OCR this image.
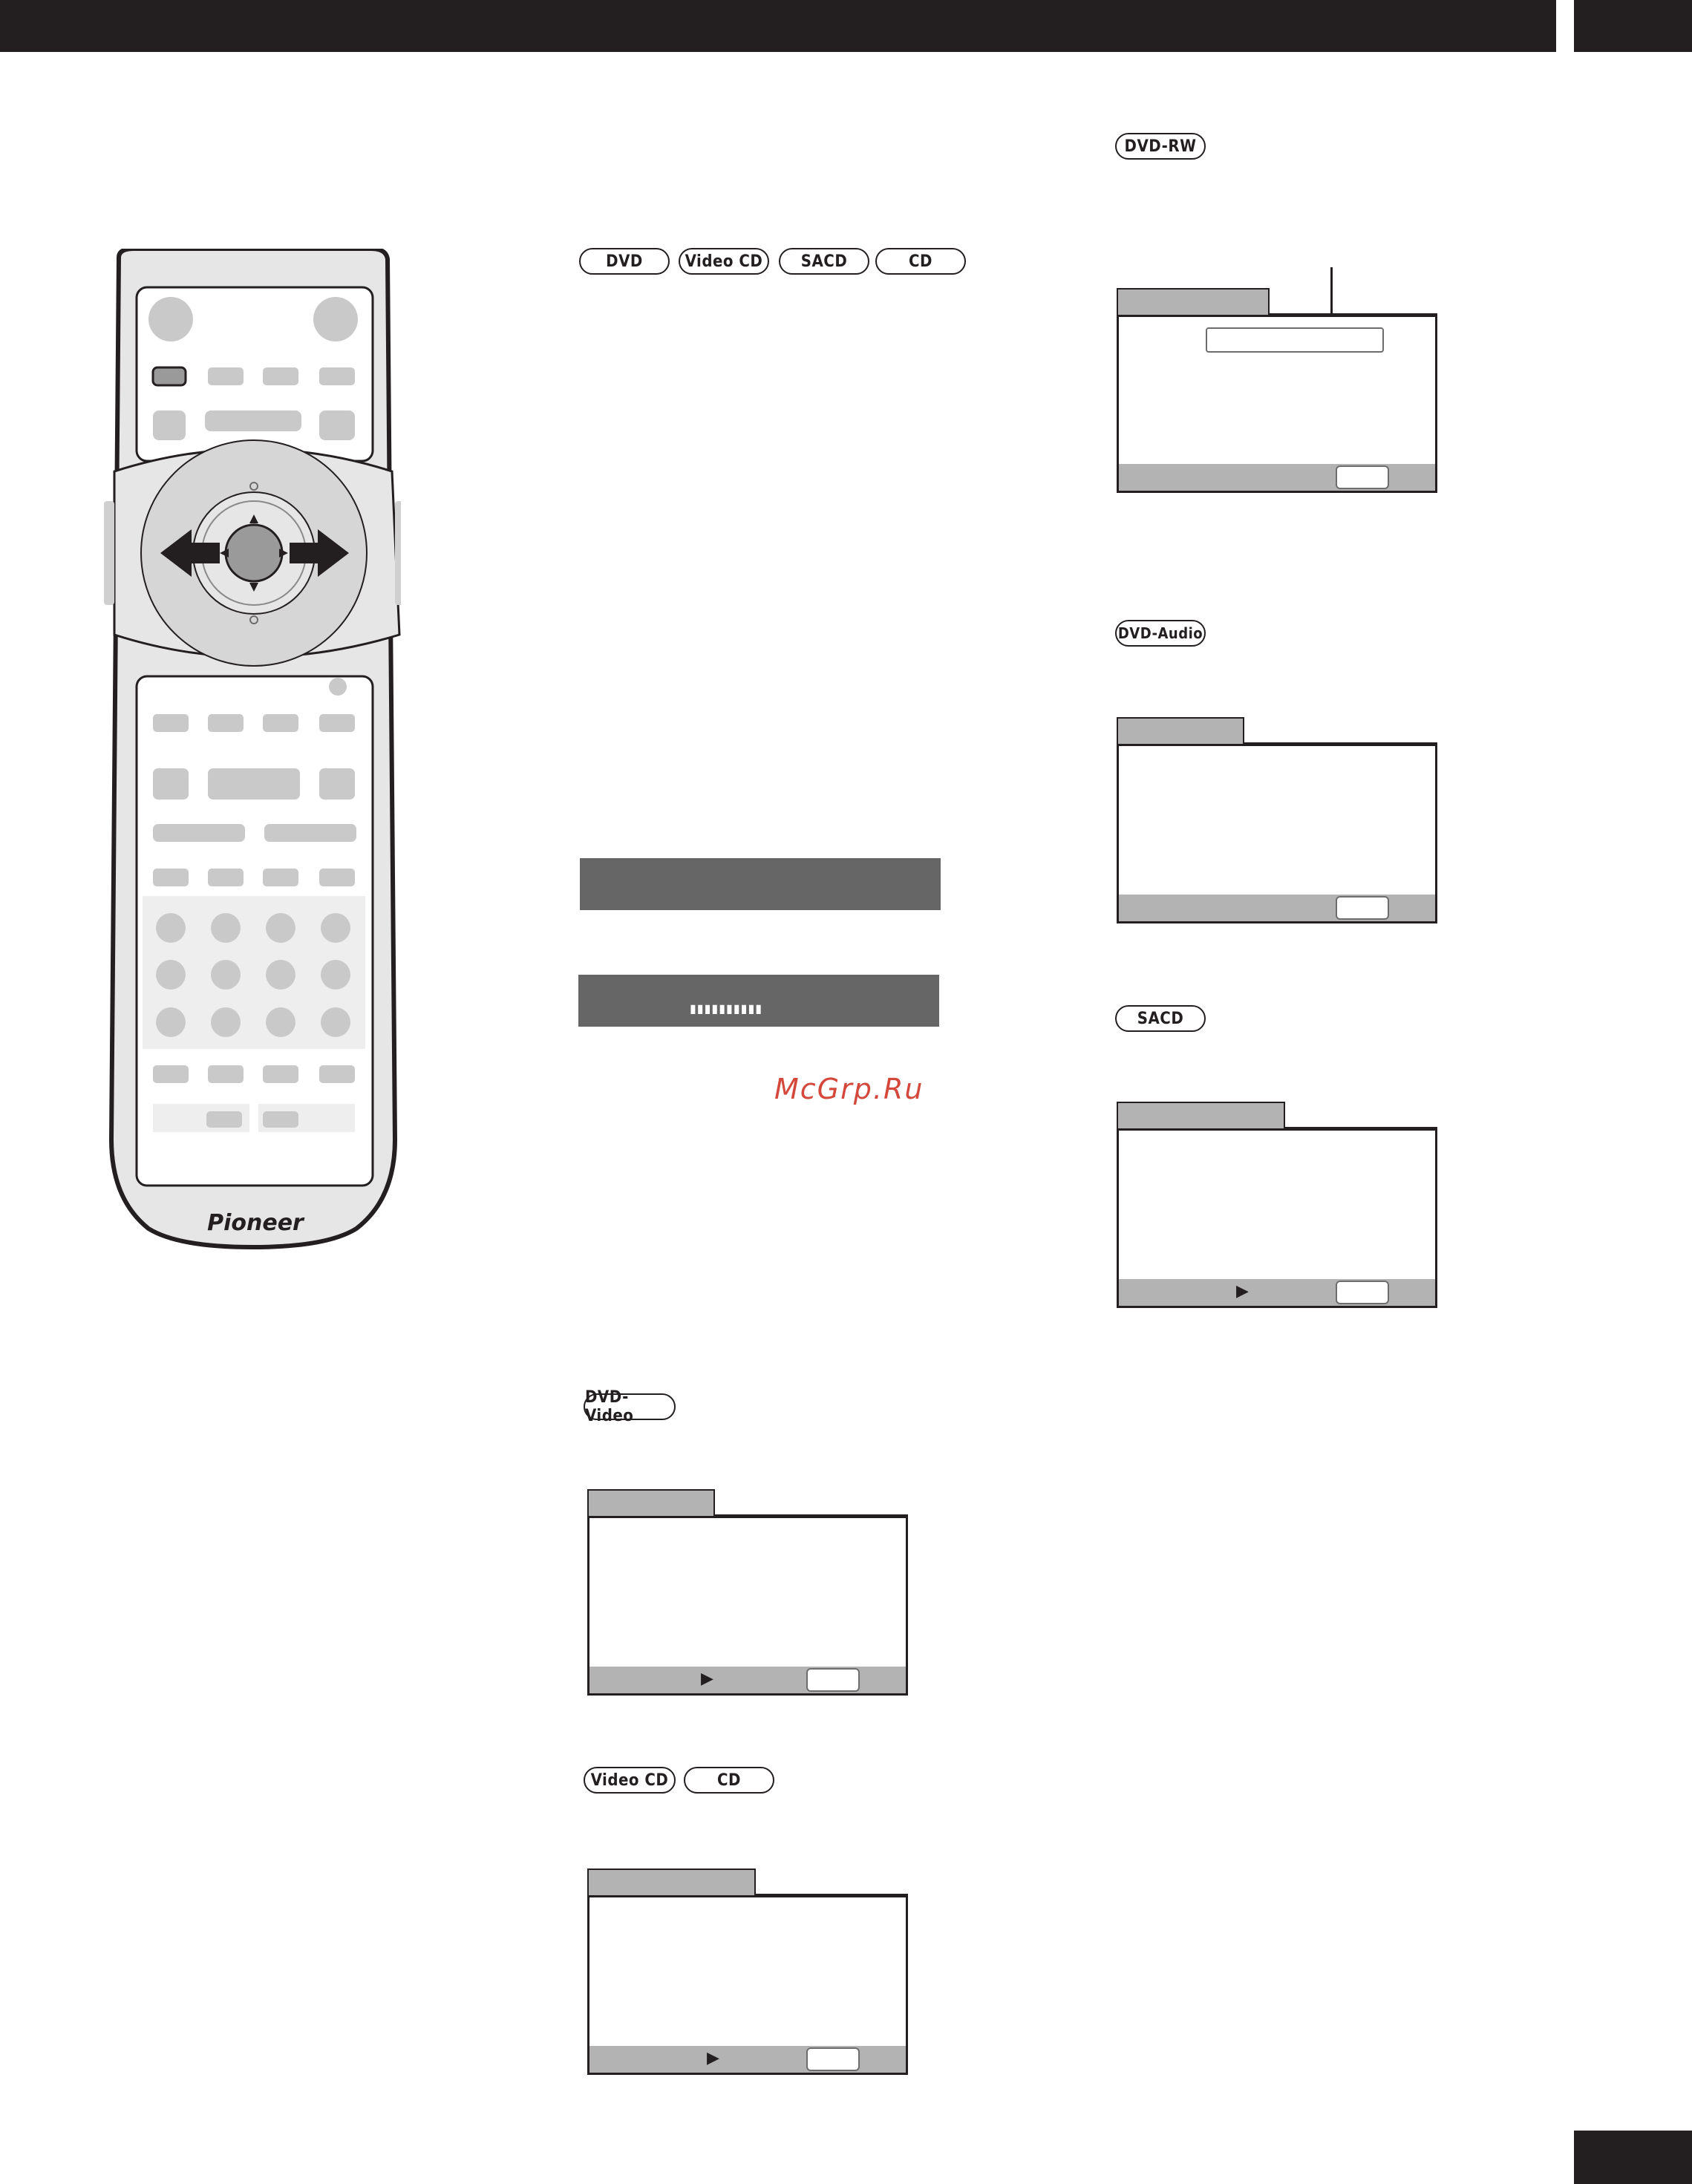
Pioneer
DVD	Video CD	SACD	CD
▮▮▮▮▮▮▮▮▮▮
McGrp.Ru
DVD-Video
▶
Video CD	CD
▶
DVD-RW
DVD-Audio
SACD
▶
